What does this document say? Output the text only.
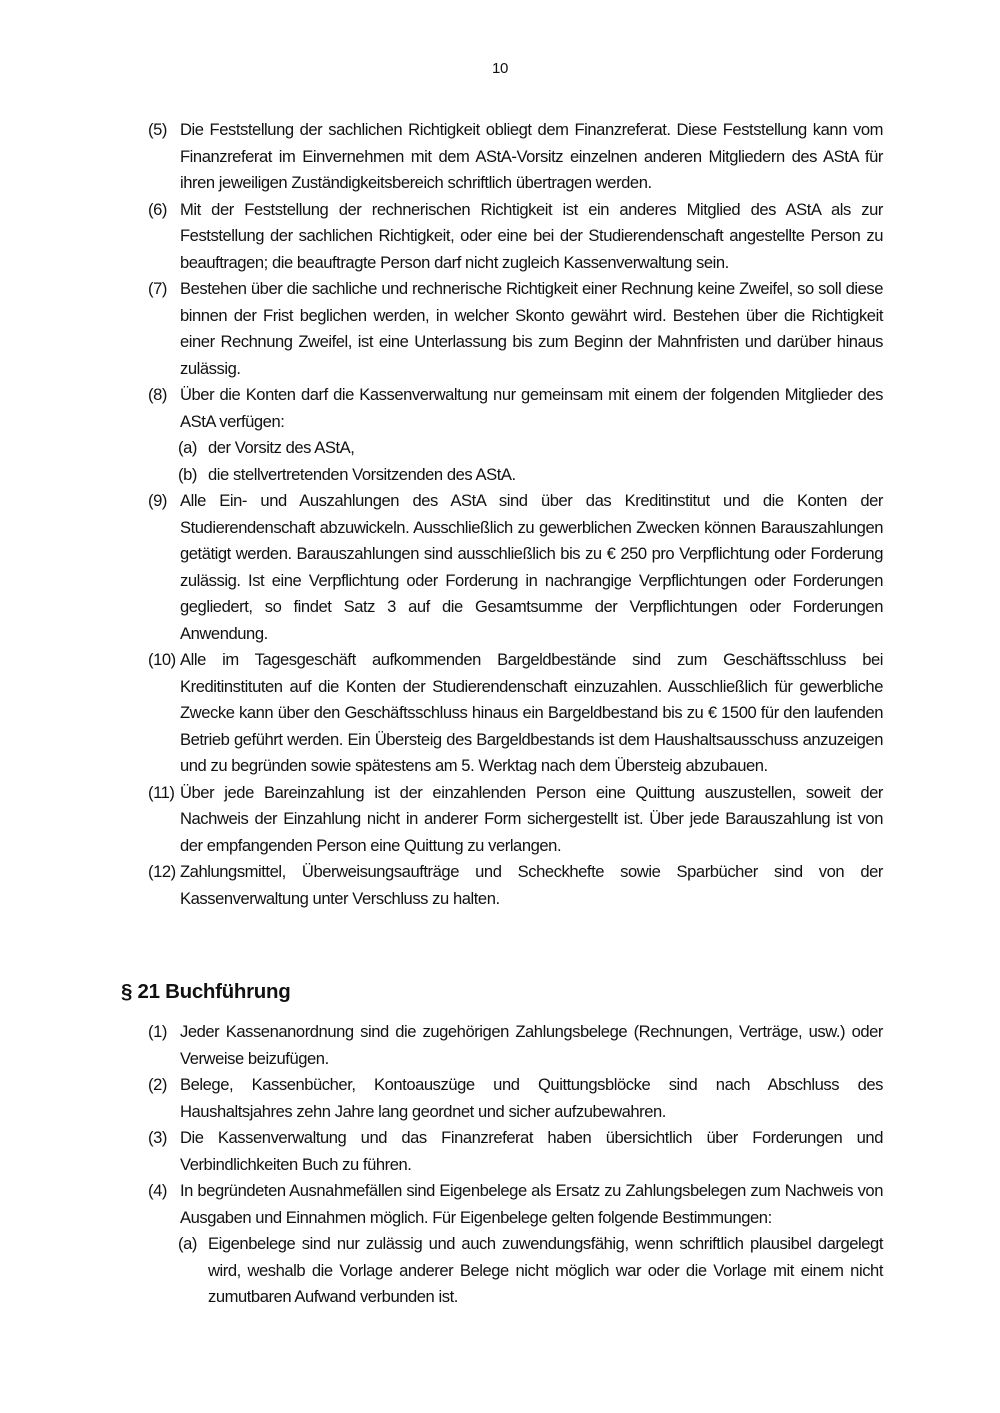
10
(5) Die Feststellung der sachlichen Richtigkeit obliegt dem Finanzreferat. Diese Feststellung kann vom Finanzreferat im Einvernehmen mit dem AStA-Vorsitz einzelnen anderen Mitgliedern des AStA für ihren jeweiligen Zuständigkeitsbereich schriftlich übertragen werden.
(6) Mit der Feststellung der rechnerischen Richtigkeit ist ein anderes Mitglied des AStA als zur Feststellung der sachlichen Richtigkeit, oder eine bei der Studierendenschaft angestellte Person zu beauftragen; die beauftragte Person darf nicht zugleich Kassenverwaltung sein.
(7) Bestehen über die sachliche und rechnerische Richtigkeit einer Rechnung keine Zweifel, so soll diese binnen der Frist beglichen werden, in welcher Skonto gewährt wird. Bestehen über die Richtigkeit einer Rechnung Zweifel, ist eine Unterlassung bis zum Beginn der Mahnfristen und darüber hinaus zulässig.
(8) Über die Konten darf die Kassenverwaltung nur gemeinsam mit einem der folgenden Mitglieder des AStA verfügen:
(a) der Vorsitz des AStA,
(b) die stellvertretenden Vorsitzenden des AStA.
(9) Alle Ein- und Auszahlungen des AStA sind über das Kreditinstitut und die Konten der Studierendenschaft abzuwickeln. Ausschließlich zu gewerblichen Zwecken können Barauszahlungen getätigt werden. Barauszahlungen sind ausschließlich bis zu € 250 pro Verpflichtung oder Forderung zulässig. Ist eine Verpflichtung oder Forderung in nachrangige Verpflichtungen oder Forderungen gegliedert, so findet Satz 3 auf die Gesamtsumme der Verpflichtungen oder Forderungen Anwendung.
(10) Alle im Tagesgeschäft aufkommenden Bargeldbestände sind zum Geschäftsschluss bei Kreditinstituten auf die Konten der Studierendenschaft einzuzahlen. Ausschließlich für gewerbliche Zwecke kann über den Geschäftsschluss hinaus ein Bargeldbestand bis zu € 1500 für den laufenden Betrieb geführt werden. Ein Übersteig des Bargeldbestands ist dem Haushaltsausschuss anzuzeigen und zu begründen sowie spätestens am 5. Werktag nach dem Übersteig abzubauen.
(11) Über jede Bareinzahlung ist der einzahlenden Person eine Quittung auszustellen, soweit der Nachweis der Einzahlung nicht in anderer Form sichergestellt ist. Über jede Barauszahlung ist von der empfangenden Person eine Quittung zu verlangen.
(12) Zahlungsmittel, Überweisungsaufträge und Scheckhefte sowie Sparbücher sind von der Kassenverwaltung unter Verschluss zu halten.
§ 21 Buchführung
(1) Jeder Kassenanordnung sind die zugehörigen Zahlungsbelege (Rechnungen, Verträge, usw.) oder Verweise beizufügen.
(2) Belege, Kassenbücher, Kontoauszüge und Quittungsblöcke sind nach Abschluss des Haushaltsjahres zehn Jahre lang geordnet und sicher aufzubewahren.
(3) Die Kassenverwaltung und das Finanzreferat haben übersichtlich über Forderungen und Verbindlichkeiten Buch zu führen.
(4) In begründeten Ausnahmefällen sind Eigenbelege als Ersatz zu Zahlungsbelegen zum Nachweis von Ausgaben und Einnahmen möglich. Für Eigenbelege gelten folgende Bestimmungen:
(a) Eigenbelege sind nur zulässig und auch zuwendungsfähig, wenn schriftlich plausibel dargelegt wird, weshalb die Vorlage anderer Belege nicht möglich war oder die Vorlage mit einem nicht zumutbaren Aufwand verbunden ist.
